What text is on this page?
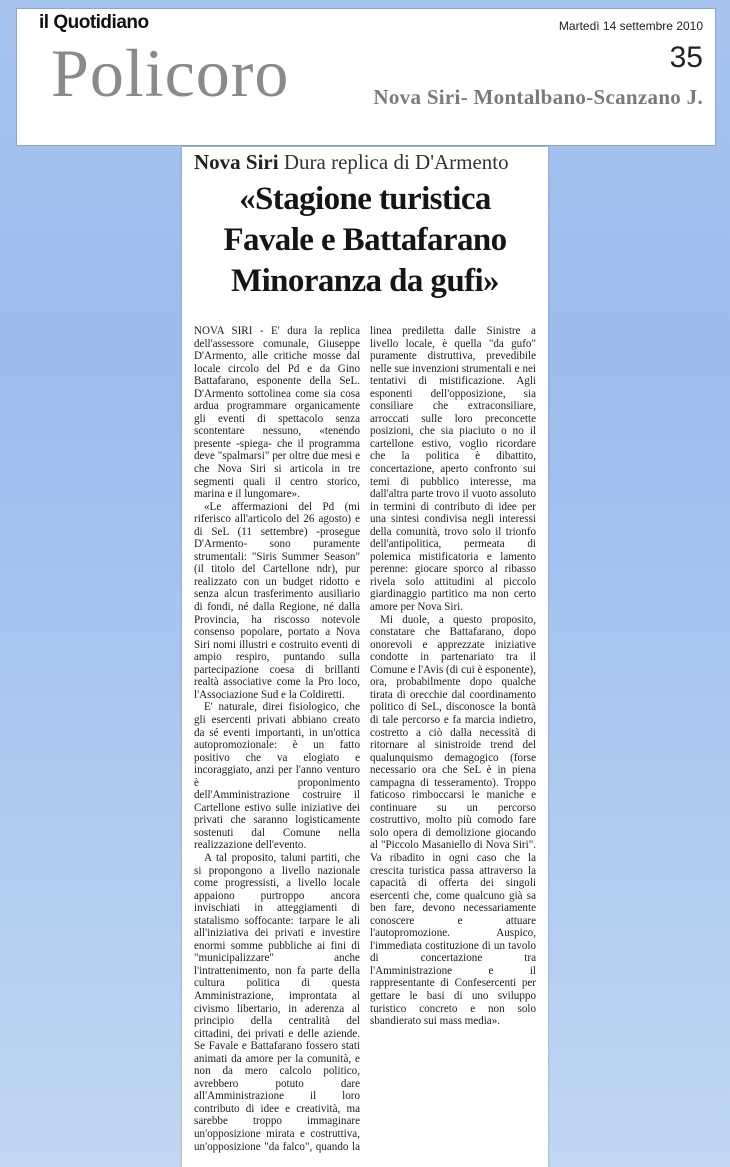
il Quotidiano	Martedì 14 settembre 2010
35
Policoro	Nova Siri- Montalbano-Scanzano J.
Nova Siri Dura replica di D'Armento
«Stagione turistica
Favale e Battafarano
Minoranza da gufi»

NOVA SIRI - E' dura la replica dell'assessore comunale, Giuseppe D'Armento, alle critiche mosse dal locale circolo del Pd e da Gino Battafarano, esponente della SeL. D'Armento sottolinea come sia cosa ardua programmare organicamente gli eventi di spettacolo senza scontentare nessuno, «tenendo presente -spiega- che il programma deve "spalmarsi" per oltre due mesi e che Nova Siri si articola in tre segmenti quali il centro storico, marina e il lungomare».

«Le affermazioni del Pd (mi riferisco all'articolo del 26 agosto) e di SeL (11 settembre) -prosegue D'Armento- sono puramente strumentali: "Siris Summer Season" (il titolo del Cartellone ndr), pur realizzato con un budget ridotto e senza alcun trasferimento ausiliario di fondi, né dalla Regione, né dalla Provincia, ha riscosso notevole consenso popolare, portato a Nova Siri nomi illustri e costruito eventi di ampio respiro, puntando sulla partecipazione coesa di brillanti realtà associative come la Pro loco, l'Associazione Sud e la Coldiretti.

E' naturale, direi fisiologico, che gli esercenti privati abbiano creato da sé eventi importanti, in un'ottica autopromozionale: è un fatto positivo che va elogiato e incoraggiato, anzi per l'anno venturo è proponimento dell'Amministrazione costruire il Cartellone estivo sulle iniziative dei privati che saranno logisticamente sostenuti dal Comune nella realizzazione dell'evento.

A tal proposito, taluni partiti, che si propongono a livello nazionale come progressisti, a livello locale appaiono purtroppo ancora invischiati in atteggiamenti di statalismo soffocante: tarpare le ali all'iniziativa dei privati e investire enormi somme pubbliche ai fini di "municipalizzare" anche l'intrattenimento, non fa parte della cultura politica di questa Amministrazione, improntata al civismo libertario, in aderenza al principio della centralità del cittadini, dei privati e delle aziende. Se Favale e Battafarano fossero stati animati da amore per la comunità, e non da mero calcolo politico, avrebbero potuto dare all'Amministrazione il loro contributo di idee e creatività, ma sarebbe troppo immaginare un'opposizione mirata e costruttiva, un'opposizione "da falco", quando la linea prediletta dalle Sinistre a livello locale, è quella "da gufo" puramente distruttiva, prevedibile nelle sue invenzioni strumentali e nei tentativi di mistificazione. Agli esponenti dell'opposizione, sia consiliare che extraconsiliare, arroccati sulle loro preconcette posizioni, che sia piaciuto o no il cartellone estivo, voglio ricordare che la politica è dibattito, concertazione, aperto confronto sui temi di pubblico interesse, ma dall'altra parte trovo il vuoto assoluto in termini di contributo di idee per una sintesi condivisa negli interessi della comunità, trovo solo il trionfo dell'antipolitica, permeata di polemica mistificatoria e lamento perenne: giocare sporco al ribasso rivela solo attitudini al piccolo giardinaggio partitico ma non certo amore per Nova Siri.

Mi duole, a questo proposito, constatare che Battafarano, dopo onorevoli e apprezzate iniziative condotte in partenariato tra il Comune e l'Avis (di cui è esponente), ora, probabilmente dopo qualche tirata di orecchie dal coordinamento politico di SeL, disconosce la bontà di tale percorso e fa marcia indietro, costretto a ciò dalla necessità di ritornare al sinistroide trend del qualunquismo demagogico (forse necessario ora che SeL è in piena campagna di tesseramento). Troppo faticoso rimboccarsi le maniche e continuare su un percorso costruttivo, molto più comodo fare solo opera di demolizione giocando al "Piccolo Masaniello di Nova Siri". Va ribadito in ogni caso che la crescita turistica passa attraverso la capacità di offerta dei singoli esercenti che, come qualcuno già sa ben fare, devono necessariamente conoscere e attuare l'autopromozione. Auspico, l'immediata costituzione di un tavolo di concertazione tra l'Amministrazione e il rappresentante di Confesercenti per gettare le basi di uno sviluppo turistico concreto e non solo sbandierato sui mass media».
